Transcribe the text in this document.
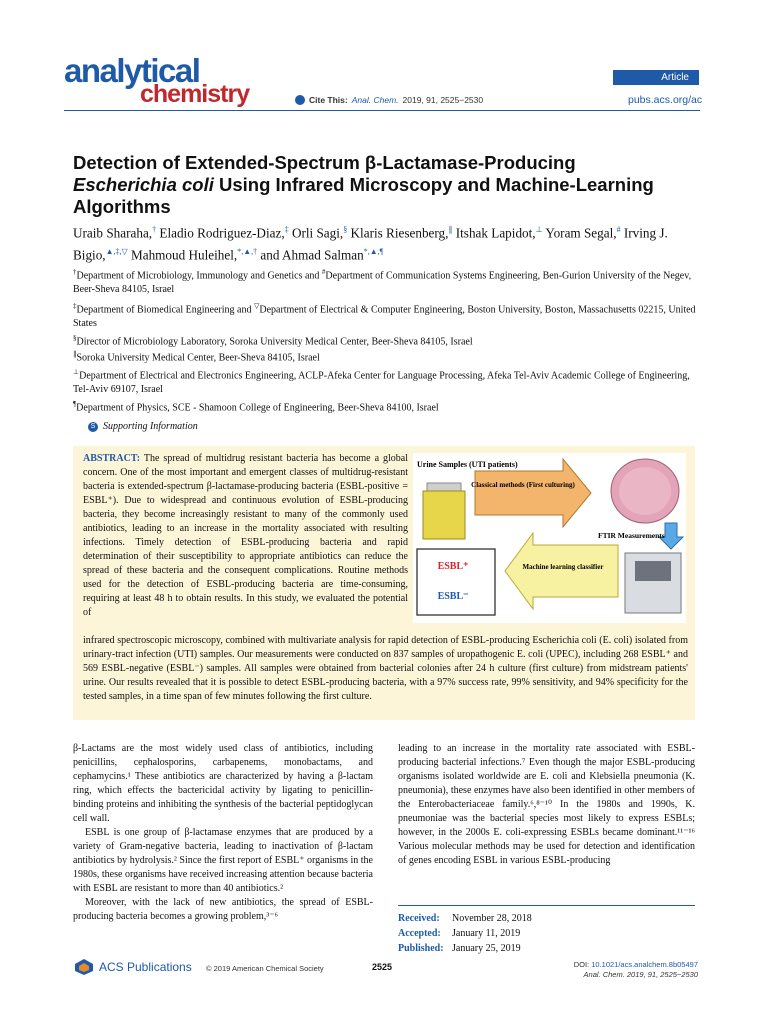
analytical
chemistry	Cite This: Anal. Chem. 2019, 91, 2525−2530
Article
pubs.acs.org/ac
Detection of Extended-Spectrum β-Lactamase-Producing
Escherichia coli Using Infrared Microscopy and Machine-Learning
Algorithms
Uraib Sharaha,† Eladio Rodriguez-Diaz,‡ Orli Sagi,§ Klaris Riesenberg,∥ Itshak Lapidot,⊥ Yoram Segal,# Irving J. Bigio,▲,‡,▽ Mahmoud Huleihel,*,▲,† and Ahmad Salman*,▲,¶
†Department of Microbiology, Immunology and Genetics and #Department of Communication Systems Engineering, Ben-Gurion University of the Negev, Beer-Sheva 84105, Israel
‡Department of Biomedical Engineering and ▽Department of Electrical & Computer Engineering, Boston University, Boston, Massachusetts 02215, United States
§Director of Microbiology Laboratory, Soroka University Medical Center, Beer-Sheva 84105, Israel
∥Soroka University Medical Center, Beer-Sheva 84105, Israel
⊥Department of Electrical and Electronics Engineering, ACLP-Afeka Center for Language Processing, Afeka Tel-Aviv Academic College of Engineering, Tel-Aviv 69107, Israel
¶Department of Physics, SCE - Shamoon College of Engineering, Beer-Sheva 84100, Israel
S Supporting Information
ABSTRACT: The spread of multidrug resistant bacteria has become a global concern. One of the most important and emergent classes of multidrug-resistant bacteria is extended-spectrum β-lactamase-producing bacteria (ESBL-positive = ESBL⁺). Due to widespread and continuous evolution of ESBL-producing bacteria, they become increasingly resistant to many of the commonly used antibiotics, leading to an increase in the mortality associated with resulting infections. Timely detection of ESBL-producing bacteria and rapid determination of their susceptibility to appropriate antibiotics can reduce the spread of these bacteria and the consequent complications. Routine methods used for the detection of ESBL-producing bacteria are time-consuming, requiring at least 48 h to obtain results. In this study, we evaluated the potential of
infrared spectroscopic microscopy, combined with multivariate analysis for rapid detection of ESBL-producing Escherichia coli (E. coli) isolated from urinary-tract infection (UTI) samples. Our measurements were conducted on 837 samples of uropathogenic E. coli (UPEC), including 268 ESBL⁺ and 569 ESBL-negative (ESBL⁻) samples. All samples were obtained from bacterial colonies after 24 h culture (first culture) from midstream patients' urine. Our results revealed that it is possible to detect ESBL-producing bacteria, with a 97% success rate, 99% sensitivity, and 94% specificity for the tested samples, in a time span of few minutes following the first culture.
Urine Samples (UTI patients)
Classical methods (First culturing)
FTIR Measurements
Machine learning classifier
ESBL⁺
ESBL⁻

β-Lactams are the most widely used class of antibiotics, including penicillins, cephalosporins, carbapenems, monobactams, and cephamycins.¹ These antibiotics are characterized by having a β-lactam ring, which effects the bactericidal activity by ligating to penicillin-binding proteins and inhibiting the synthesis of the bacterial peptidoglycan cell wall.

ESBL is one group of β-lactamase enzymes that are produced by a variety of Gram-negative bacteria, leading to inactivation of β-lactam antibiotics by hydrolysis.² Since the first report of ESBL⁺ organisms in the 1980s, these organisms have received increasing attention because bacteria with ESBL are resistant to more than 40 antibiotics.²

Moreover, with the lack of new antibiotics, the spread of ESBL-producing bacteria becomes a growing problem,³⁻⁶

leading to an increase in the mortality rate associated with ESBL-producing bacterial infections.⁷ Even though the major ESBL-producing organisms isolated worldwide are E. coli and Klebsiella pneumonia (K. pneumonia), these enzymes have also been identified in other members of the Enterobacteriaceae family.⁶,⁸⁻¹⁰ In the 1980s and 1990s, K. pneumoniae was the bacterial species most likely to express ESBLs; however, in the 2000s E. coli-expressing ESBLs became dominant.¹¹⁻¹⁶ Various molecular methods may be used for detection and identification of genes encoding ESBL in various ESBL-producing

Received: November 28, 2018
Accepted: January 11, 2019
Published: January 25, 2019
ACS Publications © 2019 American Chemical Society	2525	DOI: 10.1021/acs.analchem.8b05497
Anal. Chem. 2019, 91, 2525−2530
